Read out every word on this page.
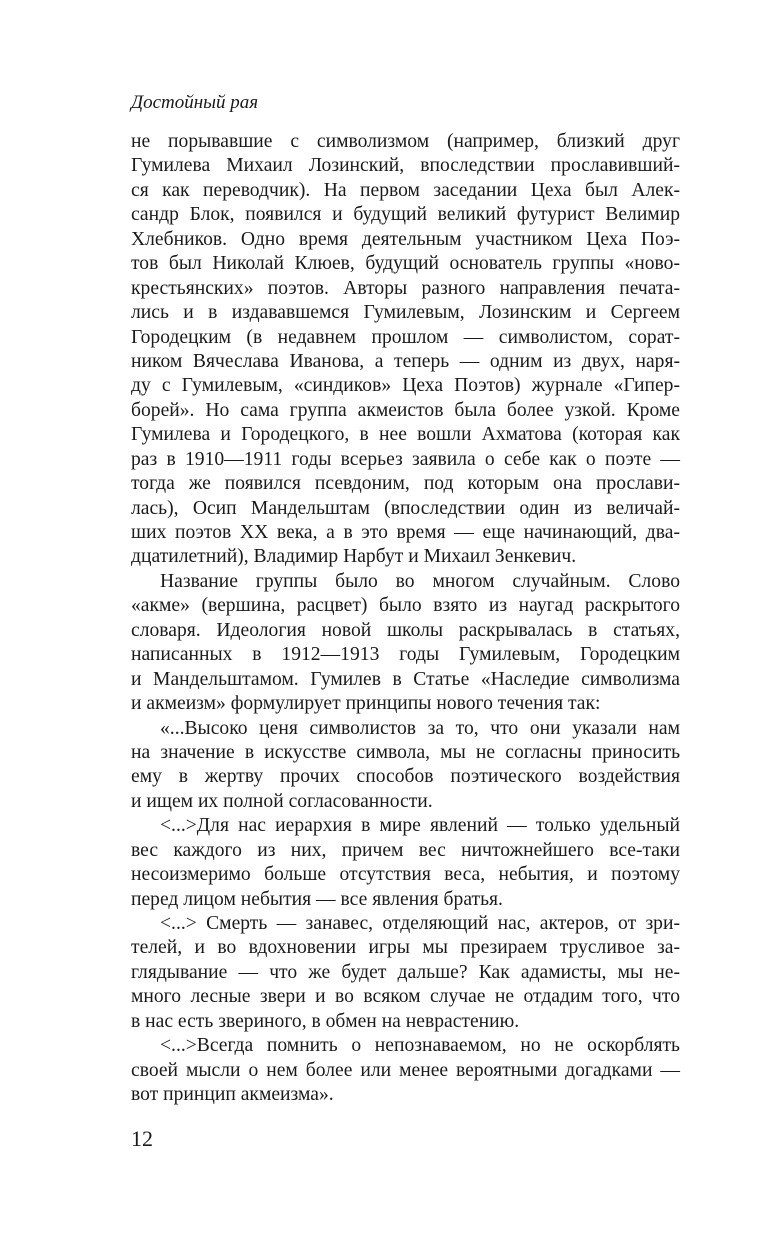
Достойный рая
не порывавшие с символизмом (например, близкий друг
Гумилева Михаил Лозинский, впоследствии прославивший-
ся как переводчик). На первом заседании Цеха был Алек-
сандр Блок, появился и будущий великий футурист Велимир
Хлебников. Одно время деятельным участником Цеха Поэ-
тов был Николай Клюев, будущий основатель группы «ново-
крестьянских» поэтов. Авторы разного направления печата-
лись и в издававшемся Гумилевым, Лозинским и Сергеем
Городецким (в недавнем прошлом — символистом, сорат-
ником Вячеслава Иванова, а теперь — одним из двух, наря-
ду с Гумилевым, «синдиков» Цеха Поэтов) журнале «Гипер-
борей». Но сама группа акмеистов была более узкой. Кроме
Гумилева и Городецкого, в нее вошли Ахматова (которая как
раз в 1910—1911 годы всерьез заявила о себе как о поэте —
тогда же появился псевдоним, под которым она прослави-
лась), Осип Мандельштам (впоследствии один из величай-
ших поэтов XX века, а в это время — еще начинающий, два-
дцатилетний), Владимир Нарбут и Михаил Зенкевич.
Название группы было во многом случайным. Слово
«акме» (вершина, расцвет) было взято из наугад раскрытого
словаря. Идеология новой школы раскрывалась в статьях,
написанных в 1912—1913 годы Гумилевым, Городецким
и Мандельштамом. Гумилев в Статье «Наследие символизма
и акмеизм» формулирует принципы нового течения так:
«...Высоко ценя символистов за то, что они указали нам
на значение в искусстве символа, мы не согласны приносить
ему в жертву прочих способов поэтического воздействия
и ищем их полной согласованности.
<...>Для нас иерархия в мире явлений — только удельный
вес каждого из них, причем вес ничтожнейшего все-таки
несоизмеримо больше отсутствия веса, небытия, и поэтому
перед лицом небытия — все явления братья.
<...> Смерть — занавес, отделяющий нас, актеров, от зри-
телей, и во вдохновении игры мы презираем трусливое за-
глядывание — что же будет дальше? Как адамисты, мы не-
много лесные звери и во всяком случае не отдадим того, что
в нас есть звериного, в обмен на неврастению.
<...>Всегда помнить о непознаваемом, но не оскорблять
своей мысли о нем более или менее вероятными догадками —
вот принцип акмеизма».
12
